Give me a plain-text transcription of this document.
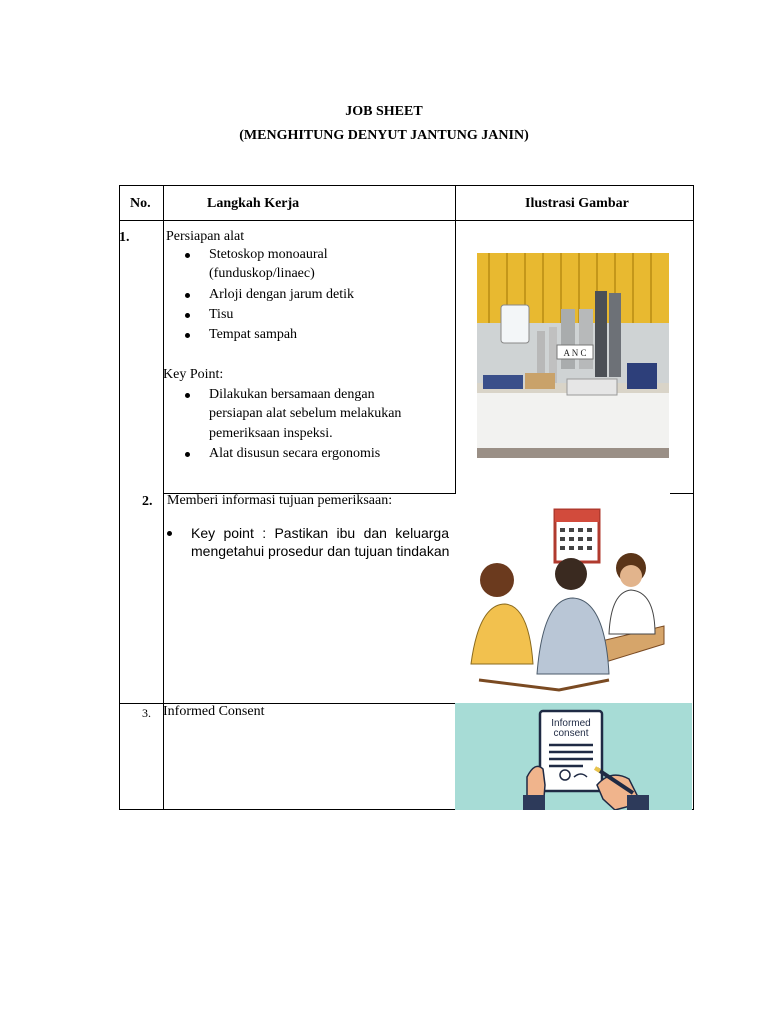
JOB SHEET
(MENGHITUNG DENYUT JANTUNG JANIN)
No.	Langkah Kerja	Ilustrasi Gambar
1.	Persiapan alat
Stetoskop monoaural
(funduskop/linaec)
Arloji dengan jarum detik
Tisu
Tempat sampah
Key Point:
Dilakukan bersamaan dengan
persiapan alat sebelum melakukan
pemeriksaan inspeksi.
Alat disusun secara ergonomis
2. Memberi informasi tujuan pemeriksaan:
Key point : Pastikan ibu dan keluarga
mengetahui prosedur dan tujuan tindakan
3. Informed Consent
A N C
Informed
consent
